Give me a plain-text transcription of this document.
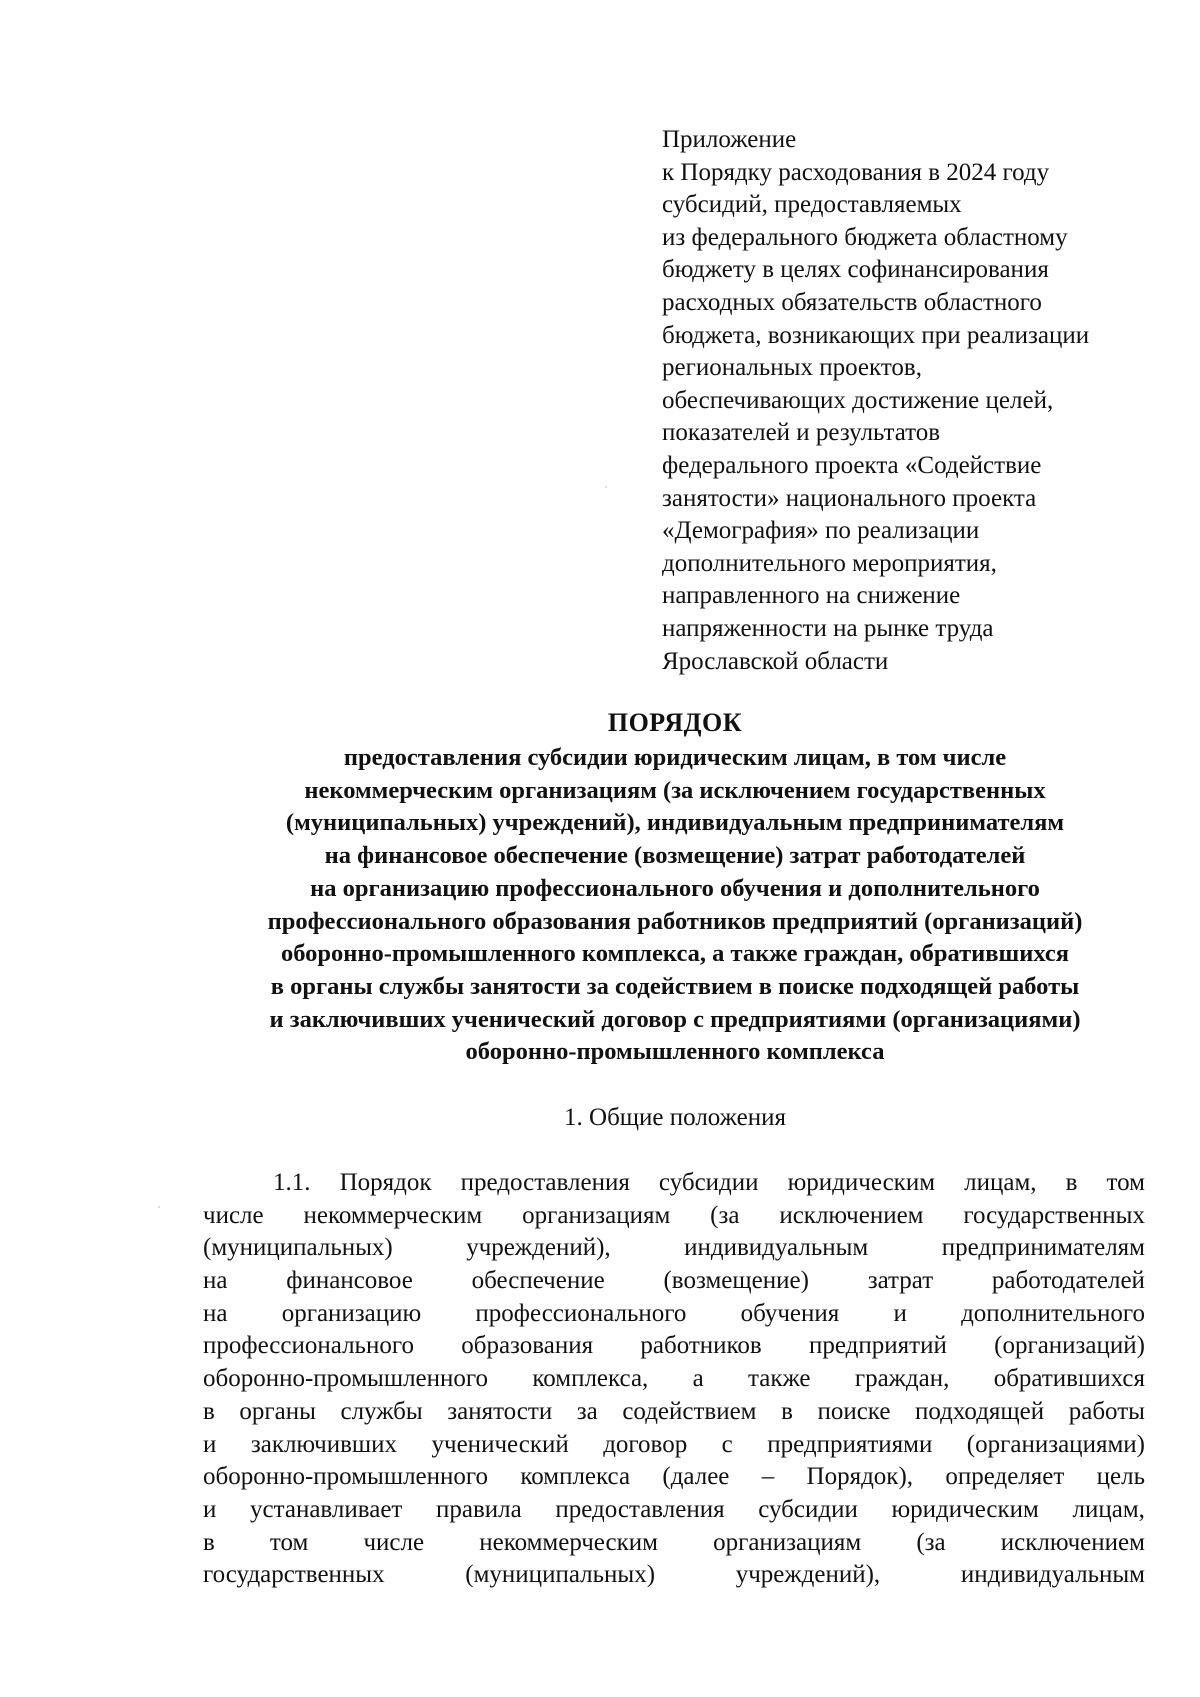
Приложение
к Порядку расходования в 2024 году
субсидий, предоставляемых
из федерального бюджета областному
бюджету в целях софинансирования
расходных обязательств областного
бюджета, возникающих при реализации
региональных проектов,
обеспечивающих достижение целей,
показателей и результатов
федерального проекта «Содействие
занятости» национального проекта
«Демография» по реализации
дополнительного мероприятия,
направленного на снижение
напряженности на рынке труда
Ярославской области
ПОРЯДОК
предоставления субсидии юридическим лицам, в том числе
некоммерческим организациям (за исключением государственных
(муниципальных) учреждений), индивидуальным предпринимателям
на финансовое обеспечение (возмещение) затрат работодателей
на организацию профессионального обучения и дополнительного
профессионального образования работников предприятий (организаций)
оборонно-промышленного комплекса, а также граждан, обратившихся
в органы службы занятости за содействием в поиске подходящей работы
и заключивших ученический договор с предприятиями (организациями)
оборонно-промышленного комплекса
1. Общие положения
1.1. Порядок предоставления субсидии юридическим лицам, в том
числе некоммерческим организациям (за исключением государственных
(муниципальных)	учреждений),	индивидуальным	предпринимателям
на финансовое обеспечение (возмещение) затрат работодателей
на организацию профессионального обучения и дополнительного
профессионального образования работников предприятий (организаций)
оборонно-промышленного комплекса, а также граждан, обратившихся
в органы службы занятости за содействием в поиске подходящей работы
и заключивших ученический договор с предприятиями (организациями)
оборонно-промышленного комплекса (далее – Порядок), определяет цель
и устанавливает правила предоставления субсидии юридическим лицам,
в том числе некоммерческим организациям (за исключением
государственных	(муниципальных)	учреждений),	индивидуальным
